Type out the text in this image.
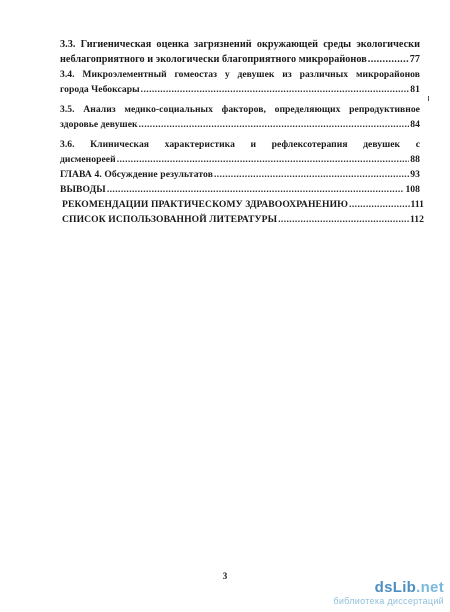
3.3. Гигиеническая оценка загрязнений окружающей среды экологически
неблагоприятного и экологически благоприятного микрорайонов .....	77
3.4. Микроэлементный гомеостаз у девушек из различных микрорайонов
города Чебоксары .....	81
3.5. Анализ медико-социальных факторов, определяющих репродуктивное
здоровье девушек .....	84
3.6. Клиническая характеристика и рефлексотерапия девушек с
дисменореей .....	88
ГЛАВА 4. Обсуждение результатов .....	93
ВЫВОДЫ .....	108
РЕКОМЕНДАЦИИ ПРАКТИЧЕСКОМУ ЗДРАВООХРАНЕНИЮ .....	111
СПИСОК ИСПОЛЬЗОВАННОЙ ЛИТЕРАТУРЫ .....	112
3
dsLib.net
библиотека диссертаций
